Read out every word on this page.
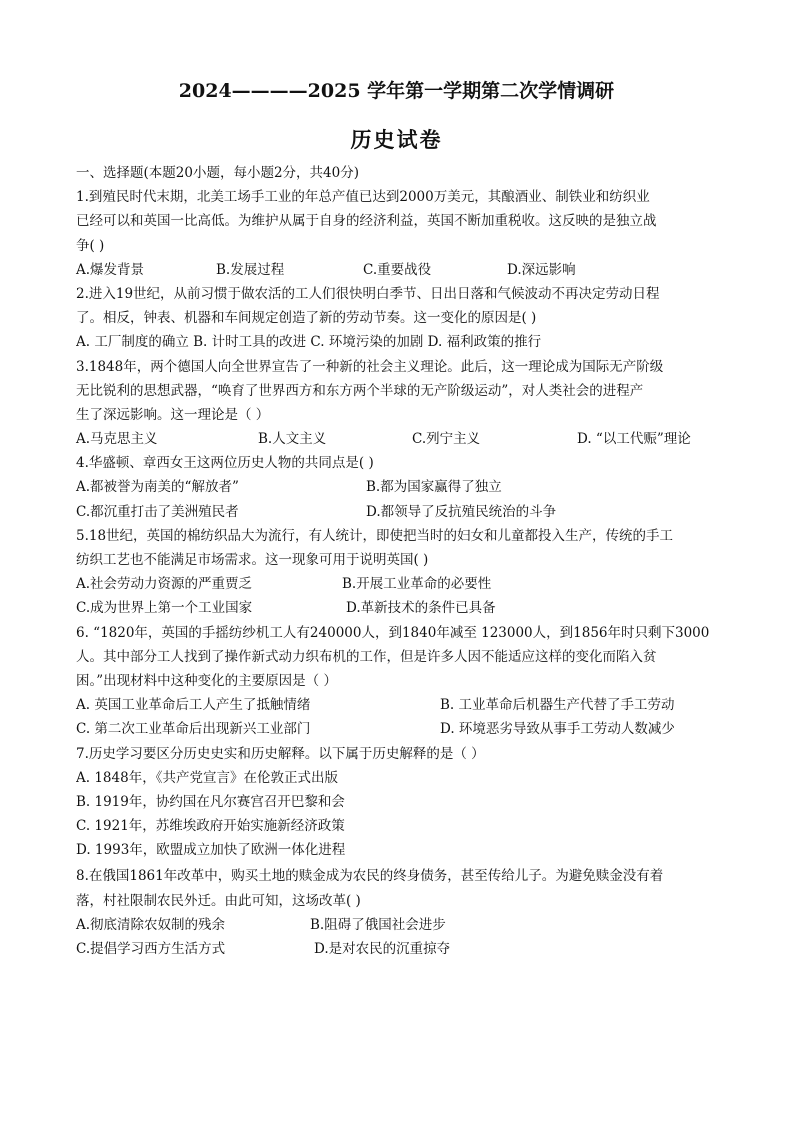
2024————2025 学年第一学期第二次学情调研
历史试卷
一、选择题(本题20小题，每小题2分，共40分)
1.到殖民时代末期，北美工场手工业的年总产值已达到2000万美元，其酿酒业、制铁业和纺织业
已经可以和英国一比高低。为维护从属于自身的经济利益，英国不断加重税收。这反映的是独立战
争( )
A.爆发背景	B.发展过程	C.重要战役	D.深远影响
2.进入19世纪，从前习惯于做农活的工人们很快明白季节、日出日落和气候波动不再决定劳动日程
了。相反，钟表、机器和车间规定创造了新的劳动节奏。这一变化的原因是( )
A. 工厂制度的确立 B. 计时工具的改进 C. 环境污染的加剧 D. 福利政策的推行
3.1848年，两个德国人向全世界宣告了一种新的社会主义理论。此后，这一理论成为国际无产阶级
无比锐利的思想武器，“唤育了世界西方和东方两个半球的无产阶级运动”，对人类社会的进程产
生了深远影响。这一理论是（ ）
A.马克思主义	B.人文主义	C.列宁主义	D. “以工代赈”理论
4.华盛顿、章西女王这两位历史人物的共同点是( )
A.都被誉为南美的“解放者”	B.都为国家赢得了独立
C.都沉重打击了美洲殖民者	D.都领导了反抗殖民统治的斗争
5.18世纪，英国的棉纺织品大为流行，有人统计，即使把当时的妇女和儿童都投入生产，传统的手工
纺织工艺也不能满足市场需求。这一现象可用于说明英国( )
A.社会劳动力资源的严重贾乏	B.开展工业革命的必要性
C.成为世界上第一个工业国家	D.革新技术的条件已具备
6. “1820年，英国的手摇纺纱机工人有240000人，到1840年减至 123000人，到1856年时只剩下3000
人。其中部分工人找到了操作新式动力织布机的工作，但是许多人因不能适应这样的变化而陷入贫
困。”出现材料中这种变化的主要原因是（ ）
A. 英国工业革命后工人产生了抵触情绪	B. 工业革命后机器生产代替了手工劳动
C. 第二次工业革命后出现新兴工业部门	D. 环境恶劣导致从事手工劳动人数减少
7.历史学习要区分历史史实和历史解释。以下属于历史解释的是（ ）
A. 1848年，《共产党宣言》在伦敦正式出版
B. 1919年，协约国在凡尔赛宫召开巴黎和会
C. 1921年，苏维埃政府开始实施新经济政策
D. 1993年，欧盟成立加快了欧洲一体化进程
8.在俄国1861年改革中，购买土地的赎金成为农民的终身债务，甚至传给儿子。为避免赎金没有着
落，村社限制农民外迁。由此可知，这场改革( )
A.彻底清除农奴制的残余	B.阻碍了俄国社会进步
C.提倡学习西方生活方式	D.是对农民的沉重掠夺
